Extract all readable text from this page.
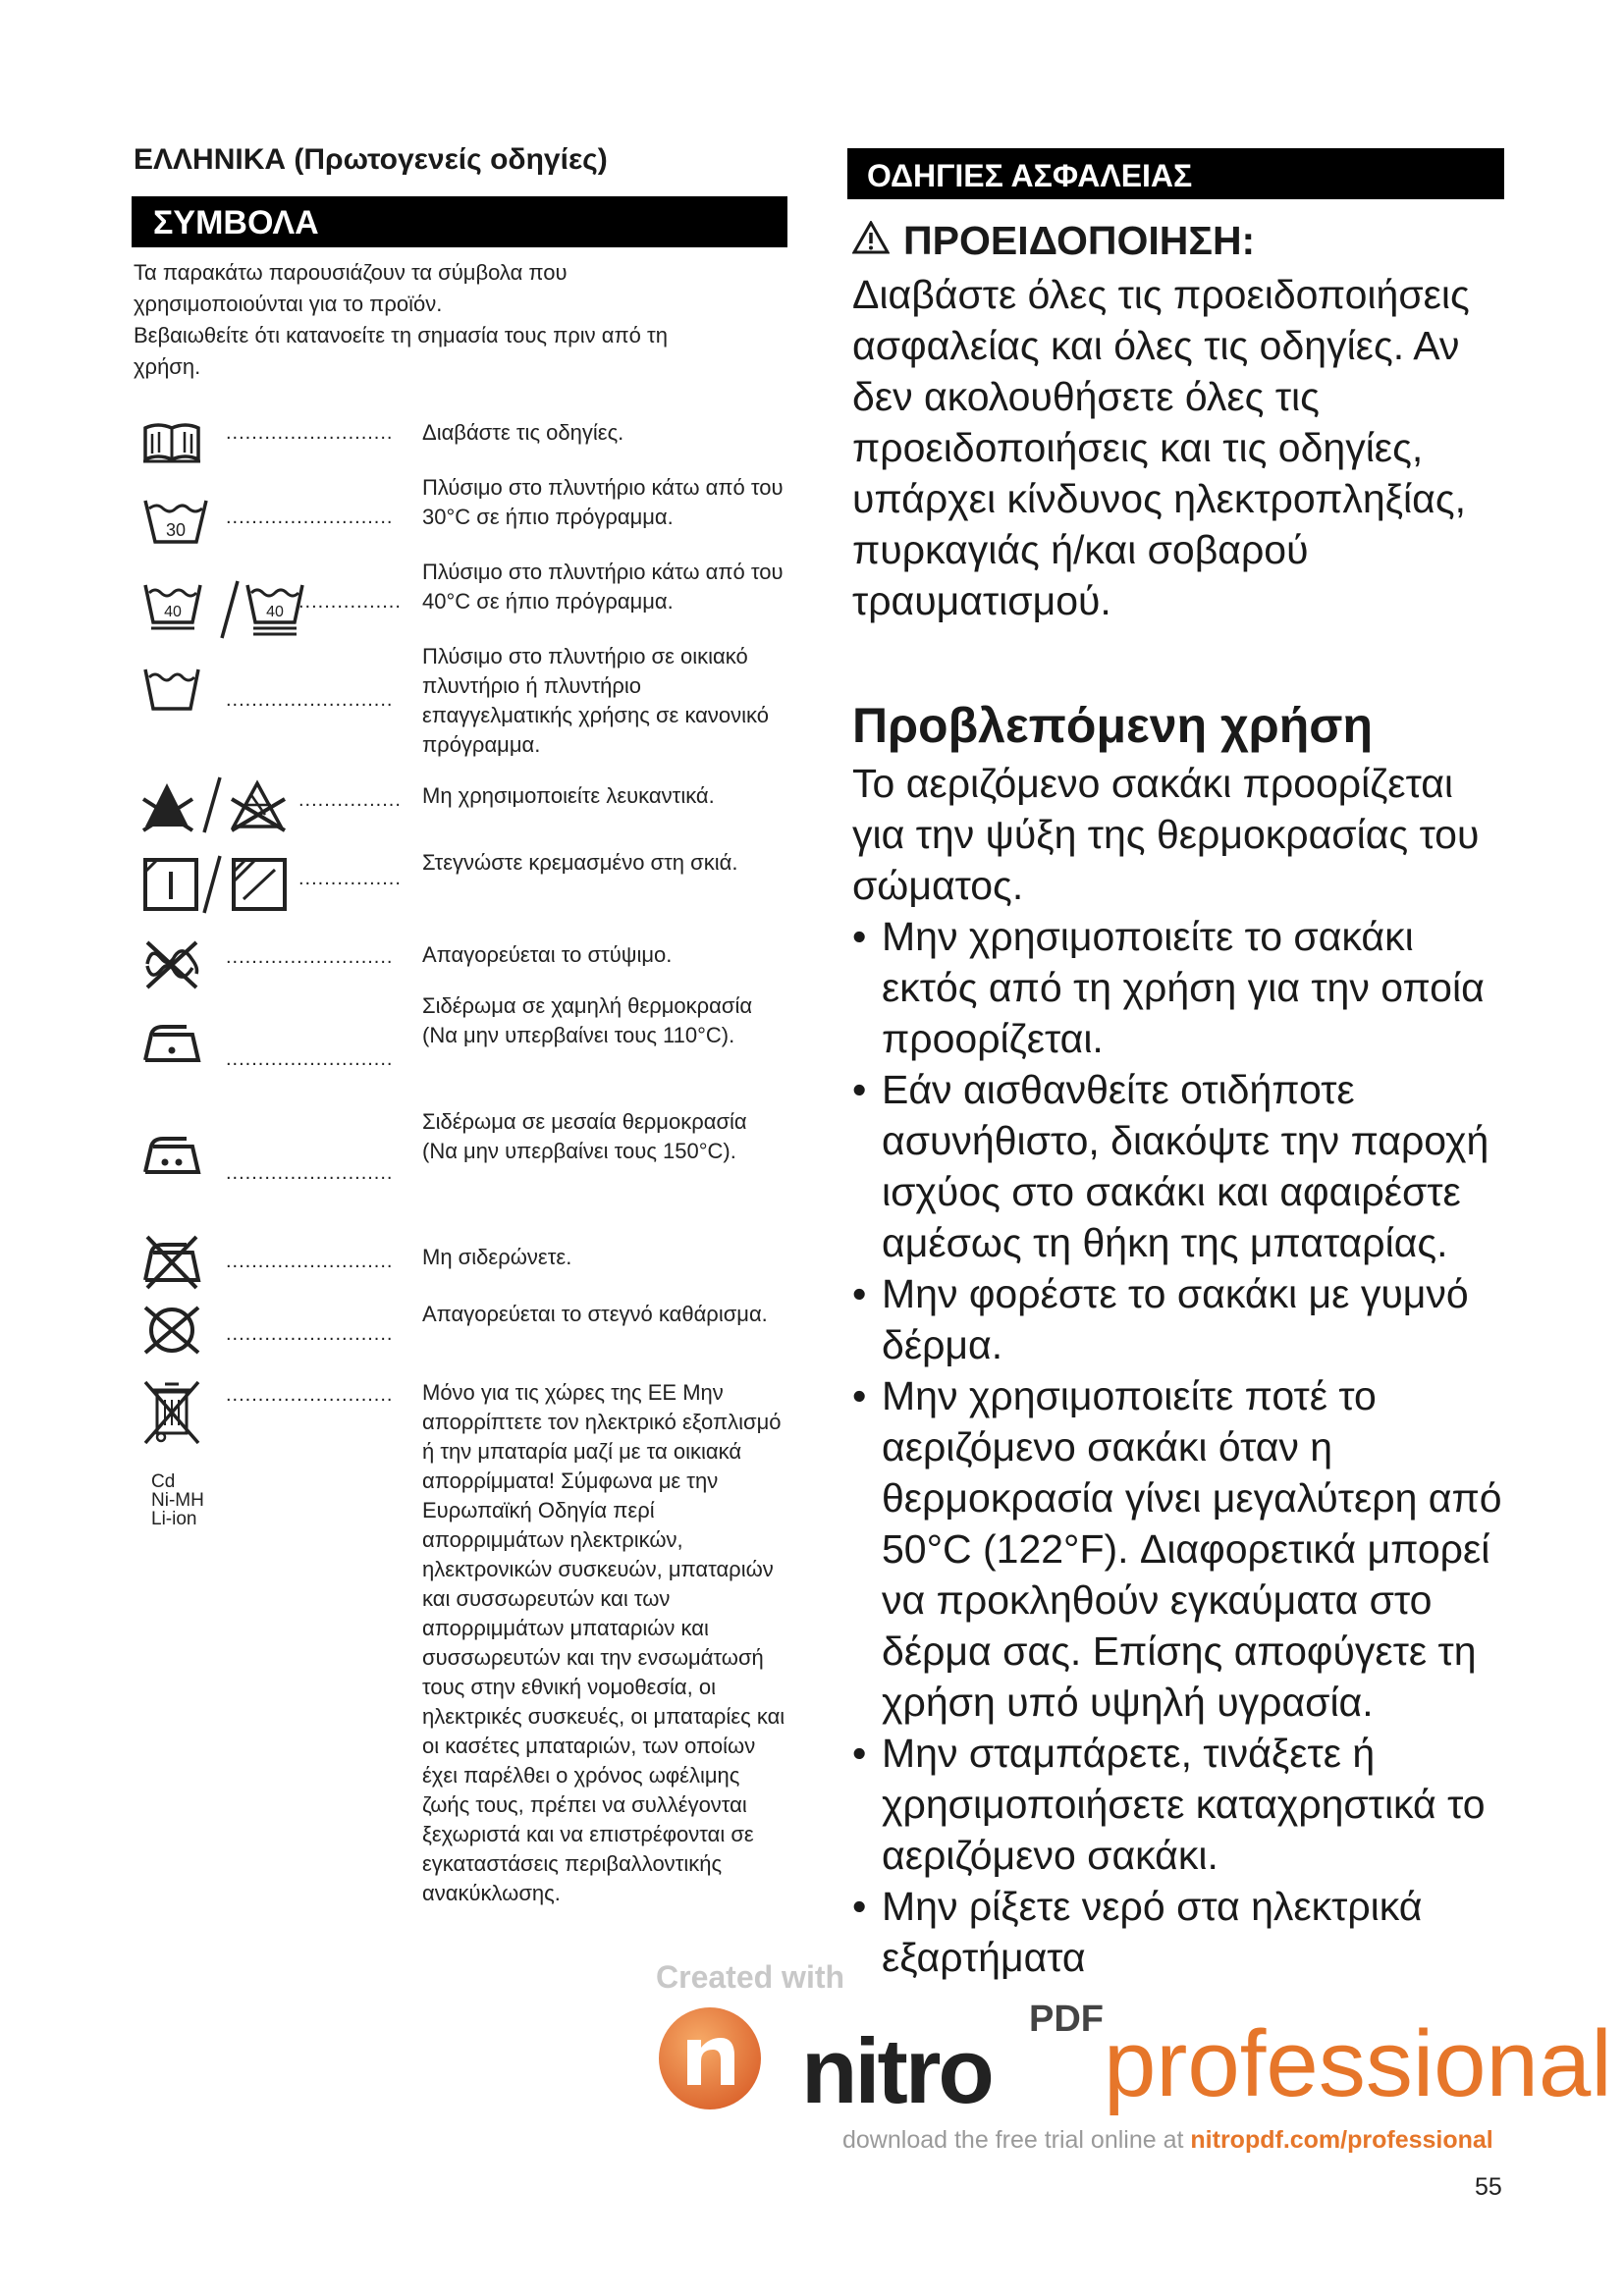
ΕΛΛΗΝΙΚΑ (Πρωτογενείς οδηγίες)
ΣΥΜΒΟΛΑ

Τα παρακάτω παρουσιάζουν τα σύμβολα που

χρησιμοποιούνται για το προϊόν.

Βεβαιωθείτε ότι κατανοείτε τη σημασία τους πριν από τη

χρήση.

.......................... Διαβάστε τις οδηγίες.
30
..........................
Πλύσιμο στο πλυντήριο κάτω από του 30°C σε ήπιο πρόγραμμα.
40	40 ................
Πλύσιμο στο πλυντήριο κάτω από του 40°C σε ήπιο πρόγραμμα.
..........................
Πλύσιμο στο πλυντήριο σε οικιακό πλυντήριο ή πλυντήριο επαγγελματικής χρήσης σε κανονικό πρόγραμμα.
................ Μη χρησιμοποιείτε λευκαντικά.
................
Στεγνώστε κρεμασμένο στη σκιά.
.......................... Απαγορεύεται το στύψιμο.
..........................
Σιδέρωμα σε χαμηλή θερμοκρασία (Να μην υπερβαίνει τους 110°C).
..........................
Σιδέρωμα σε μεσαία θερμοκρασία (Να μην υπερβαίνει τους 150°C).
.......................... Μη σιδερώνετε.
..........................
Απαγορεύεται το στεγνό καθάρισμα.
.......................... Μόνο για τις χώρες της ΕΕ Μην απορρίπτετε τον ηλεκτρικό εξοπλισμό ή την μπαταρία μαζί με τα οικιακά απορρίμματα! Σύμφωνα με την Ευρωπαϊκή Οδηγία περί απορριμμάτων ηλεκτρικών, ηλεκτρονικών συσκευών, μπαταριών και συσσωρευτών και των απορριμμάτων μπαταριών και συσσωρευτών και την ενσωμάτωσή τους στην εθνική νομοθεσία, οι ηλεκτρικές συσκευές, οι μπαταρίες και οι κασέτες μπαταριών, των οποίων έχει παρέλθει ο χρόνος ωφέλιμης ζωής τους, πρέπει να συλλέγονται ξεχωριστά και να επιστρέφονται σε εγκαταστάσεις περιβαλλοντικής ανακύκλωσης.
Cd
Ni-MH
Li-ion
ΟΔΗΓΙΕΣ ΑΣΦΑΛΕΙΑΣ
ΠΡΟΕΙΔΟΠΟΙΗΣΗ:
Διαβάστε όλες τις προειδοποιήσεις ασφαλείας και όλες τις οδηγίες. Αν δεν ακολουθήσετε όλες τις προειδοποιήσεις και τις οδηγίες, υπάρχει κίνδυνος ηλεκτροπληξίας, πυρκαγιάς ή/και σοβαρού τραυματισμού.
Προβλεπόμενη χρήση

Το αεριζόμενο σακάκι προορίζεται για την ψύξη της θερμοκρασίας του σώματος.

• Μην χρησιμοποιείτε το σακάκι εκτός από τη χρήση για την οποία προορίζεται.
• Εάν αισθανθείτε οτιδήποτε ασυνήθιστο, διακόψτε την παροχή ισχύος στο σακάκι και αφαιρέστε αμέσως τη θήκη της μπαταρίας.
• Μην φορέστε το σακάκι με γυμνό δέρμα.
• Μην χρησιμοποιείτε ποτέ το αεριζόμενο σακάκι όταν η θερμοκρασία γίνει μεγαλύτερη από 50°C (122°F). Διαφορετικά μπορεί να προκληθούν εγκαύματα στο δέρμα σας. Επίσης αποφύγετε τη χρήση υπό υψηλή υγρασία.
• Μην σταμπάρετε, τινάξετε ή χρησιμοποιήσετε καταχρηστικά το αεριζόμενο σακάκι.
• Μην ρίξετε νερό στα ηλεκτρικά εξαρτήματα
Created with
nitro PDF professional
download the free trial online at nitropdf.com/professional
55
